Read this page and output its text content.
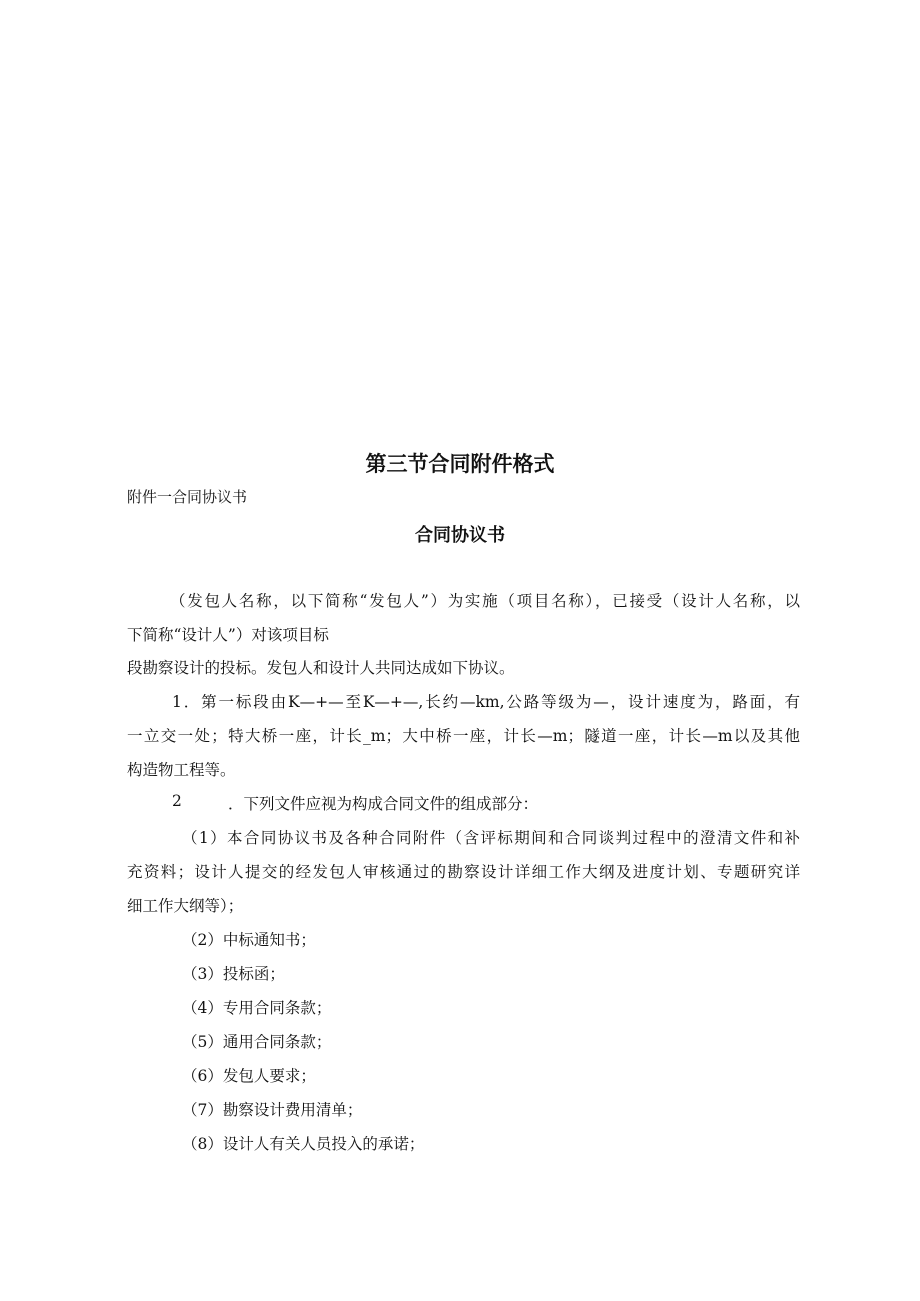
第三节合同附件格式
附件一合同协议书
合同协议书
（发包人名称，以下简称“发包人”）为实施（项目名称），已接受（设计人名称，以
下简称“设计人”）对该项目标
段勘察设计的投标。发包人和设计人共同达成如下协议。
1．第一标段由K—+—至K—+—,长约—km,公路等级为—，设计速度为，路面，有
一立交一处；特大桥一座，计长_m；大中桥一座，计长—m；隧道一座，计长—m以及其他
构造物工程等。
2	．下列文件应视为构成合同文件的组成部分：
（1）本合同协议书及各种合同附件（含评标期间和合同谈判过程中的澄清文件和补
充资料；设计人提交的经发包人审核通过的勘察设计详细工作大纲及进度计划、专题研究详
细工作大纲等）；
（2）中标通知书；
（3）投标函；
（4）专用合同条款；
（5）通用合同条款；
（6）发包人要求；
（7）勘察设计费用清单；
（8）设计人有关人员投入的承诺；
